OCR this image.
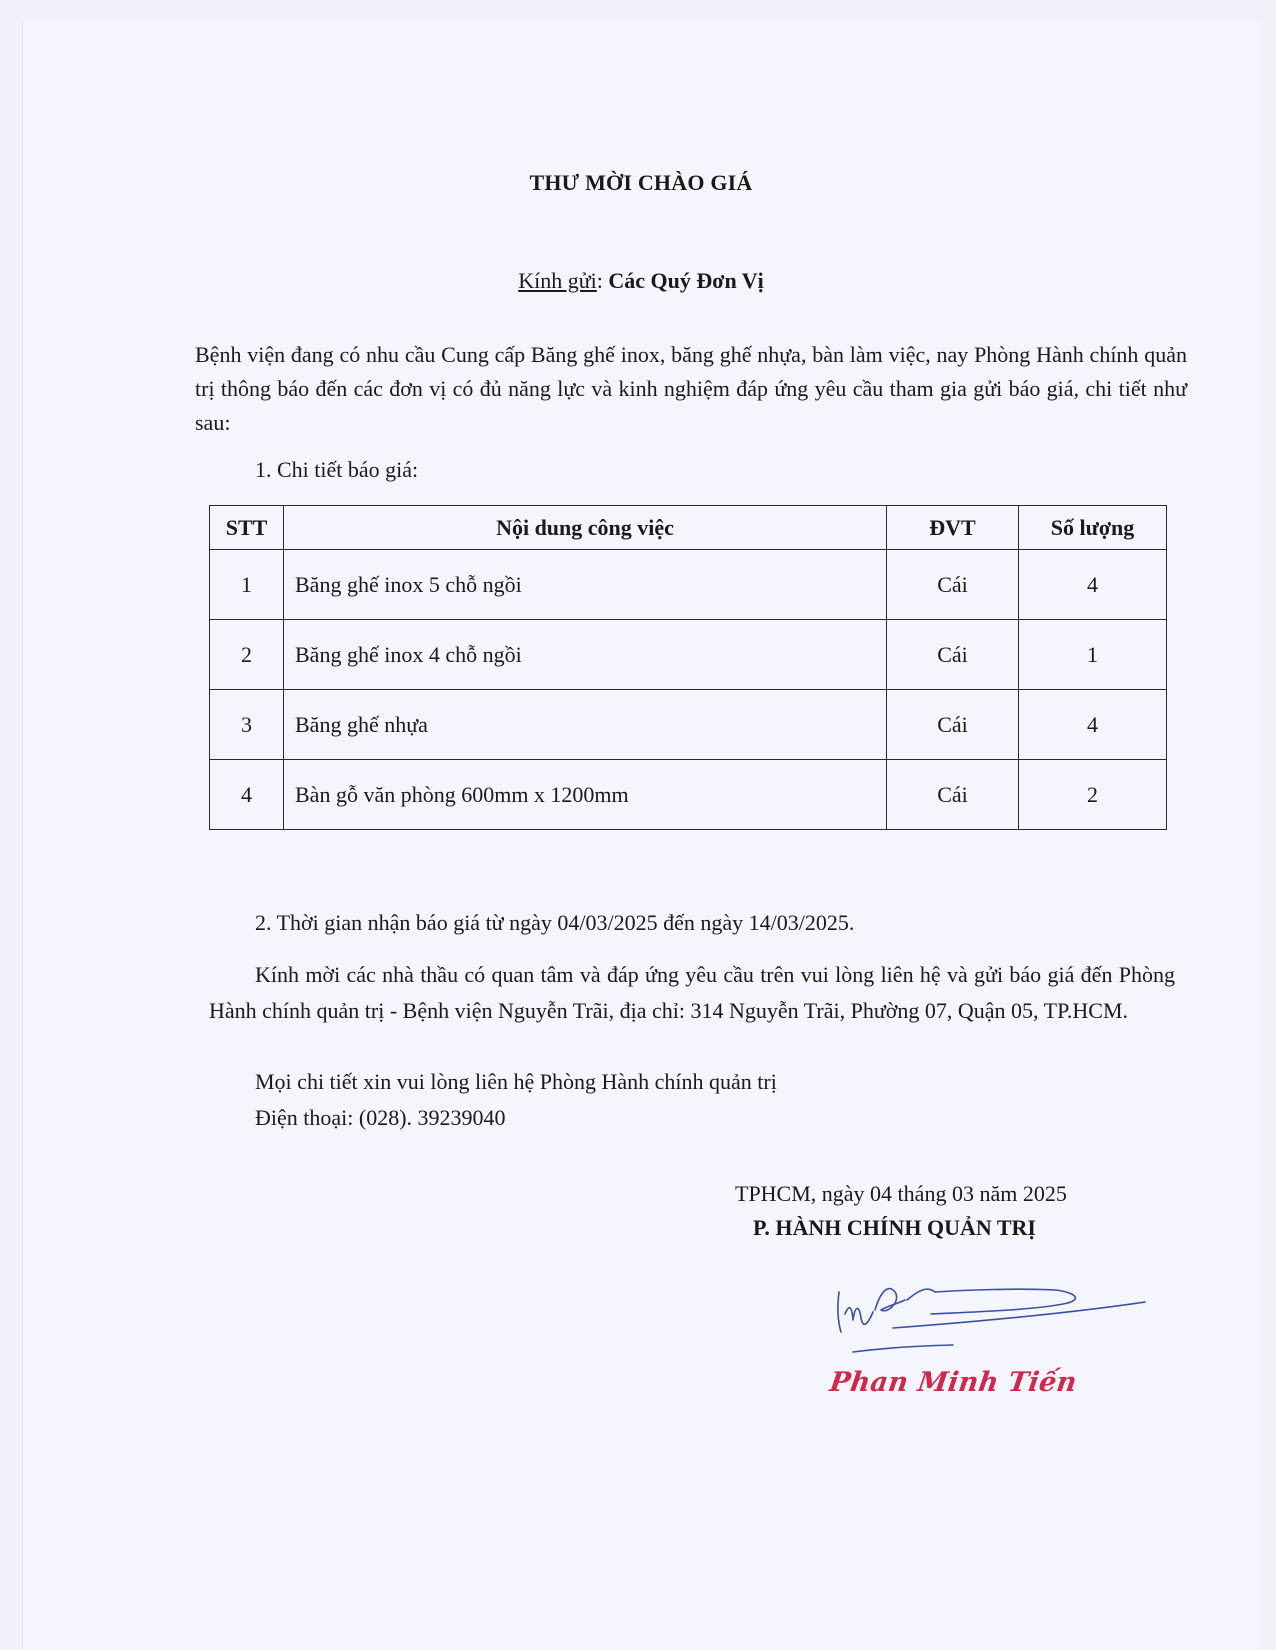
THƯ MỜI CHÀO GIÁ
Kính gửi: Các Quý Đơn Vị

Bệnh viện đang có nhu cầu Cung cấp Băng ghế inox, băng ghế nhựa, bàn làm việc, nay Phòng Hành chính quản trị thông báo đến các đơn vị có đủ năng lực và kinh nghiệm đáp ứng yêu cầu tham gia gửi báo giá, chi tiết như sau:

1. Chi tiết báo giá:
STT	Nội dung công việc	ĐVT	Số lượng
1	Băng ghế inox 5 chỗ ngồi	Cái	4
2	Băng ghế inox 4 chỗ ngồi	Cái	1
3	Băng ghế nhựa	Cái	4
4	Bàn gỗ văn phòng 600mm x 1200mm	Cái	2
2. Thời gian nhận báo giá từ ngày 04/03/2025 đến ngày 14/03/2025.

Kính mời các nhà thầu có quan tâm và đáp ứng yêu cầu trên vui lòng liên hệ và gửi báo giá đến Phòng Hành chính quản trị - Bệnh viện Nguyễn Trãi, địa chỉ: 314 Nguyễn Trãi, Phường 07, Quận 05, TP.HCM.

Mọi chi tiết xin vui lòng liên hệ Phòng Hành chính quản trị
Điện thoại: (028). 39239040
TPHCM, ngày 04 tháng 03 năm 2025
P. HÀNH CHÍNH QUẢN TRỊ
Phan Minh Tiến
